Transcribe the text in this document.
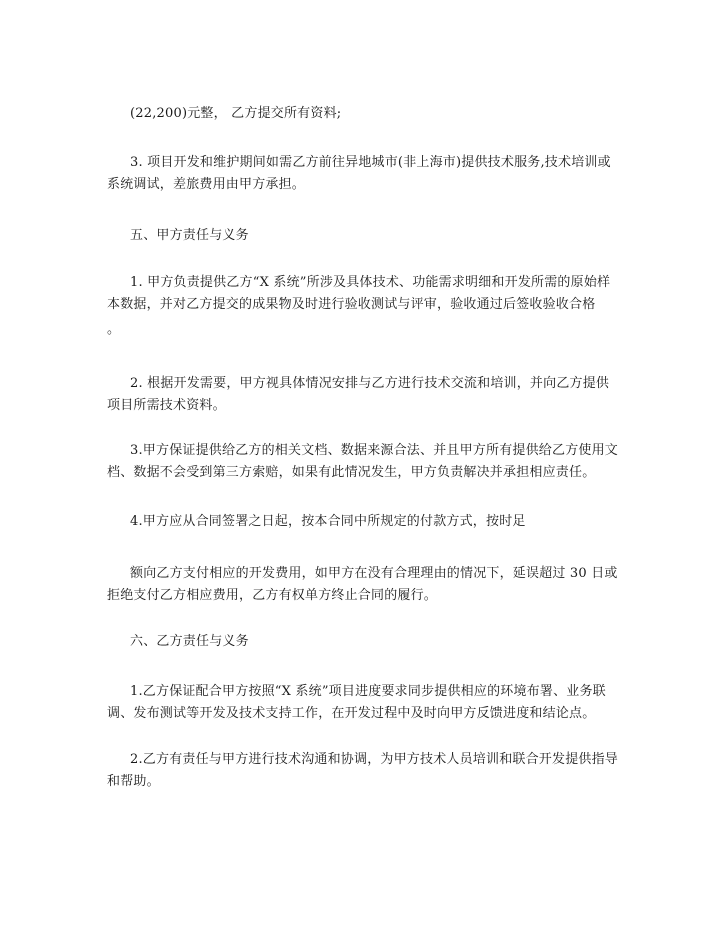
(22,200)元整， 乙方提交所有资料;
3. 项目开发和维护期间如需乙方前往异地城市(非上海市)提供技术服务,技术培训或
系统调试，差旅费用由甲方承担。
五、甲方责任与义务
1. 甲方负责提供乙方“X 系统”所涉及具体技术、功能需求明细和开发所需的原始样
本数据，并对乙方提交的成果物及时进行验收测试与评审，验收通过后签收验收合格
。
2. 根据开发需要，甲方视具体情况安排与乙方进行技术交流和培训，并向乙方提供
项目所需技术资料。
3.甲方保证提供给乙方的相关文档、数据来源合法、并且甲方所有提供给乙方使用文
档、数据不会受到第三方索赔，如果有此情况发生，甲方负责解决并承担相应责任。
4.甲方应从合同签署之日起，按本合同中所规定的付款方式，按时足
额向乙方支付相应的开发费用，如甲方在没有合理理由的情况下，延误超过 30 日或
拒绝支付乙方相应费用，乙方有权单方终止合同的履行。
六、乙方责任与义务
1.乙方保证配合甲方按照“X 系统”项目进度要求同步提供相应的环境布署、业务联
调、发布测试等开发及技术支持工作，在开发过程中及时向甲方反馈进度和结论点。
2.乙方有责任与甲方进行技术沟通和协调，为甲方技术人员培训和联合开发提供指导
和帮助。
